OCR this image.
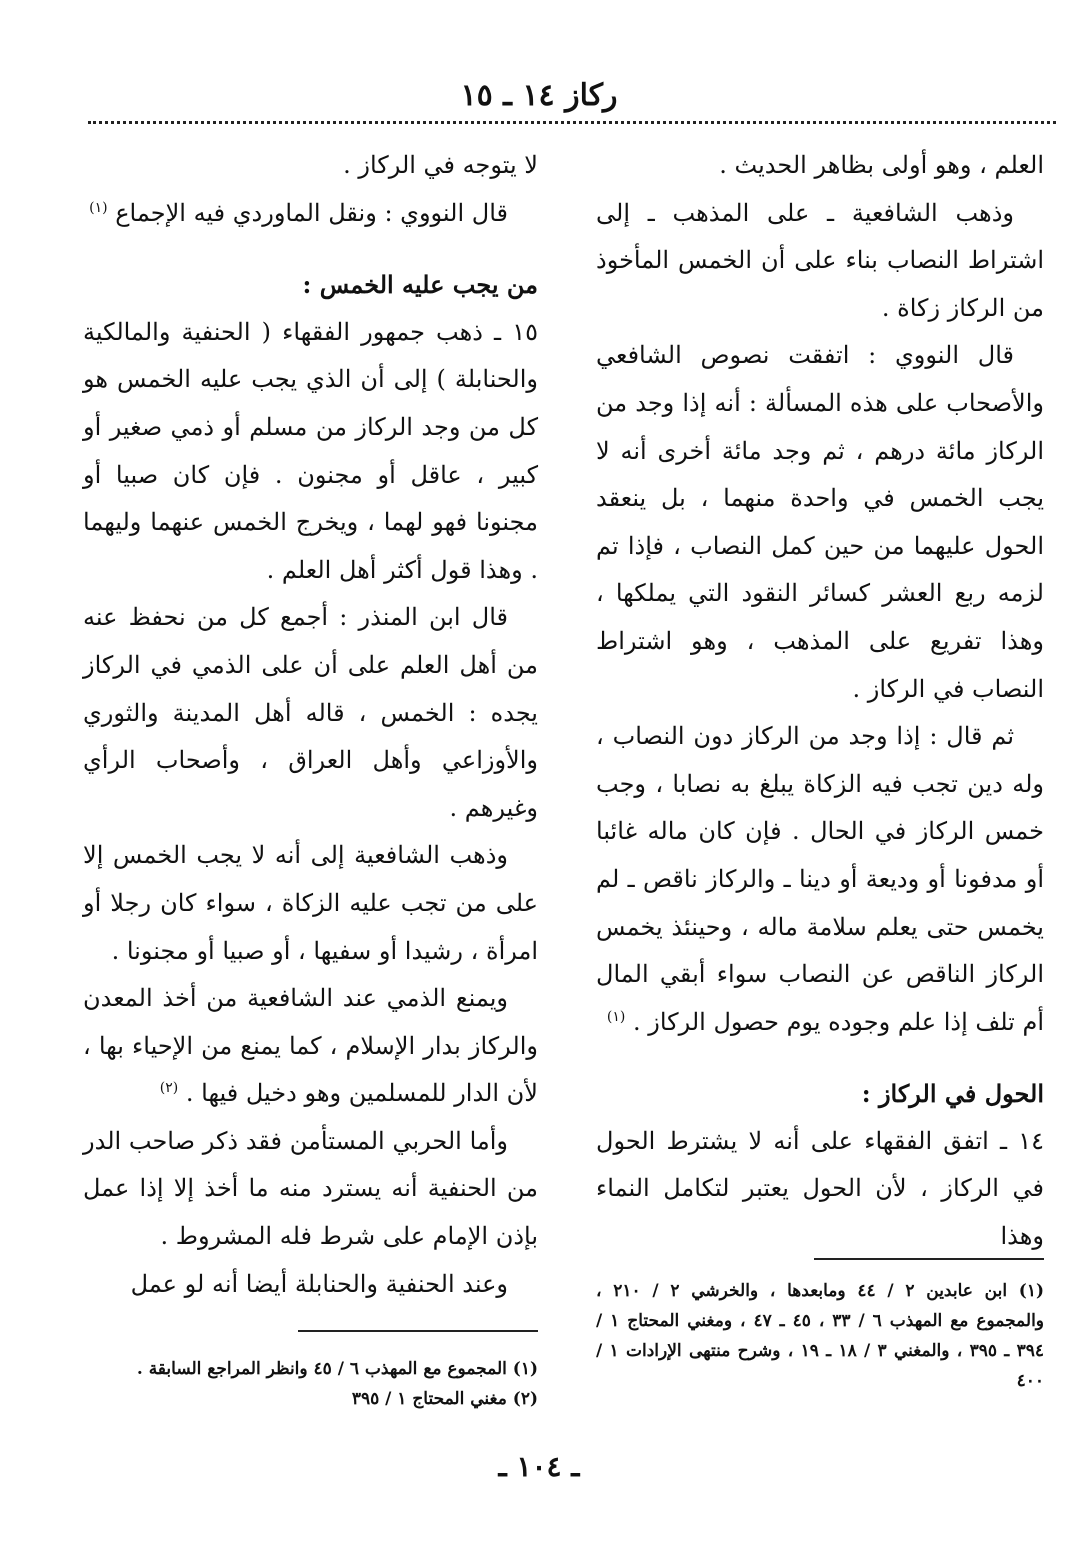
ركاز ١٤ ـ ١٥

العلم ، وهو أولى بظاهر الحديث .

وذهب الشافعية ـ على المذهب ـ إلى اشتراط النصاب بناء على أن الخمس المأخوذ من الركاز زكاة .

قال النووي : اتفقت نصوص الشافعي والأصحاب على هذه المسألة : أنه إذا وجد من الركاز مائة درهم ، ثم وجد مائة أخرى أنه لا يجب الخمس في واحدة منهما ، بل ينعقد الحول عليهما من حين كمل النصاب ، فإذا تم لزمه ربع العشر كسائر النقود التي يملكها ، وهذا تفريع على المذهب ، وهو اشتراط النصاب في الركاز .

ثم قال : إذا وجد من الركاز دون النصاب ، وله دين تجب فيه الزكاة يبلغ به نصابا ، وجب خمس الركاز في الحال . فإن كان ماله غائبا أو مدفونا أو وديعة أو دينا ـ والركاز ناقص ـ لم يخمس حتى يعلم سلامة ماله ، وحينئذ يخمس الركاز الناقص عن النصاب سواء أبقي المال أم تلف إذا علم وجوده يوم حصول الركاز . $^{(١)}$

الحول في الركاز :

١٤ ـ اتفق الفقهاء على أنه لا يشترط الحول في الركاز ، لأن الحول يعتبر لتكامل النماء وهذا

لا يتوجه في الركاز .

قال النووي : ونقل الماوردي فيه الإجماع $^{(١)}$

من يجب عليه الخمس :

١٥ ـ ذهب جمهور الفقهاء ( الحنفية والمالكية والحنابلة ) إلى أن الذي يجب عليه الخمس هو كل من وجد الركاز من مسلم أو ذمي صغير أو كبير ، عاقل أو مجنون . فإن كان صبيا أو مجنونا فهو لهما ، ويخرج الخمس عنهما وليهما . وهذا قول أكثر أهل العلم .

قال ابن المنذر : أجمع كل من نحفظ عنه من أهل العلم على أن على الذمي في الركاز يجده : الخمس ، قاله أهل المدينة والثوري والأوزاعي وأهل العراق ، وأصحاب الرأي وغيرهم .

وذهب الشافعية إلى أنه لا يجب الخمس إلا على من تجب عليه الزكاة ، سواء كان رجلا أو امرأة ، رشيدا أو سفيها ، أو صبيا أو مجنونا .

ويمنع الذمي عند الشافعية من أخذ المعدن والركاز بدار الإسلام ، كما يمنع من الإحياء بها ، لأن الدار للمسلمين وهو دخيل فيها . $^{(٢)}$

وأما الحربي المستأمن فقد ذكر صاحب الدر من الحنفية أنه يسترد منه ما أخذ إلا إذا عمل بإذن الإمام على شرط فله المشروط .

وعند الحنفية والحنابلة أيضا أنه لو عمل	(١) ابن عابدين ٢ / ٤٤ ومابعدها ، والخرشي ٢ / ٢١٠ ، والمجموع مع المهذب ٦ / ٣٣ ، ٤٥ ـ ٤٧ ، ومغني المحتاج ١ / ٣٩٤ ـ ٣٩٥ ، والمغني ٣ / ١٨ ـ ١٩ ، وشرح منتهى الإرادات ١ / ٤٠٠

(١) المجموع مع المهذب ٦ / ٤٥ وانظر المراجع السابقة .

(٢) مغني المحتاج ١ / ٣٩٥

ـ ١٠٤ ـ
